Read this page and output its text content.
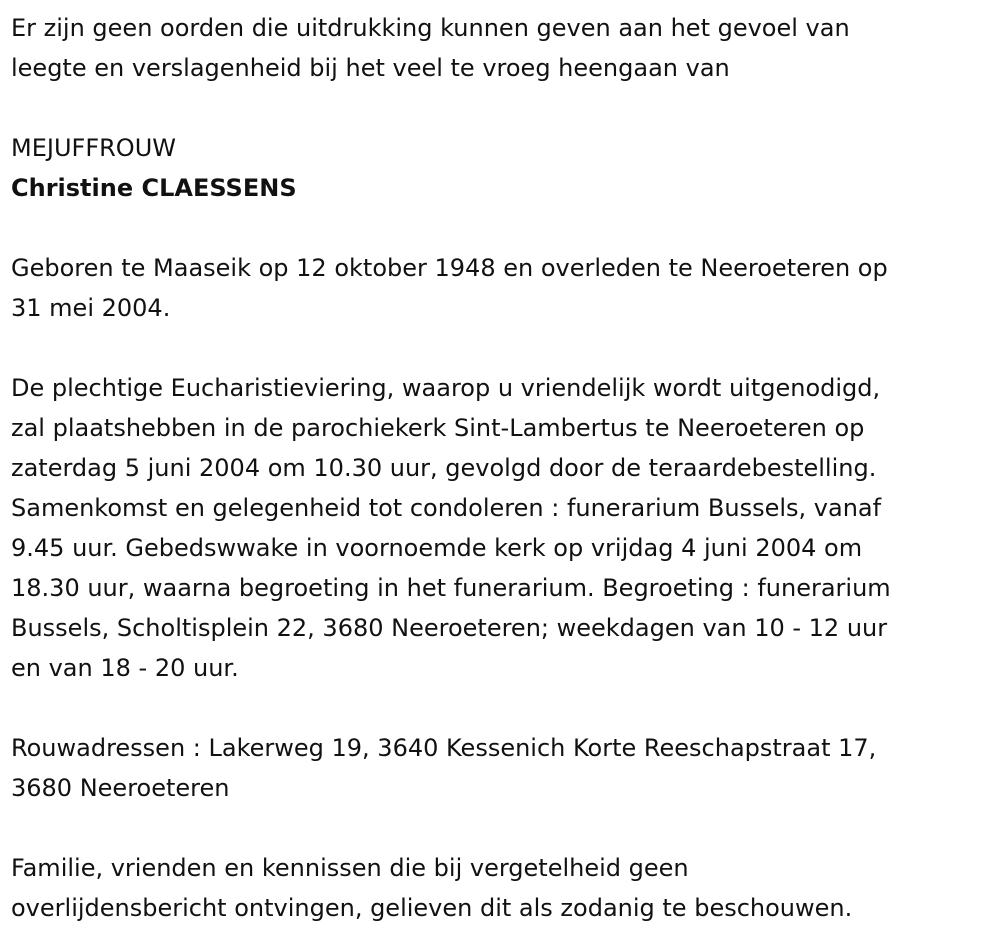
Er zijn geen oorden die uitdrukking kunnen geven aan het gevoel van

leegte en verslagenheid bij het veel te vroeg heengaan van

MEJUFFROUW

Christine CLAESSENS

Geboren te Maaseik op 12 oktober 1948 en overleden te Neeroeteren op

31 mei 2004.

De plechtige Eucharistieviering, waarop u vriendelijk wordt uitgenodigd,

zal plaatshebben in de parochiekerk Sint-Lambertus te Neeroeteren op

zaterdag 5 juni 2004 om 10.30 uur, gevolgd door de teraardebestelling.

Samenkomst en gelegenheid tot condoleren : funerarium Bussels, vanaf

9.45 uur. Gebedswwake in voornoemde kerk op vrijdag 4 juni 2004 om

18.30 uur, waarna begroeting in het funerarium. Begroeting : funerarium

Bussels, Scholtisplein 22, 3680 Neeroeteren; weekdagen van 10 - 12 uur

en van 18 - 20 uur.

Rouwadressen : Lakerweg 19, 3640 Kessenich Korte Reeschapstraat 17,

3680 Neeroeteren

Familie, vrienden en kennissen die bij vergetelheid geen

overlijdensbericht ontvingen, gelieven dit als zodanig te beschouwen.
